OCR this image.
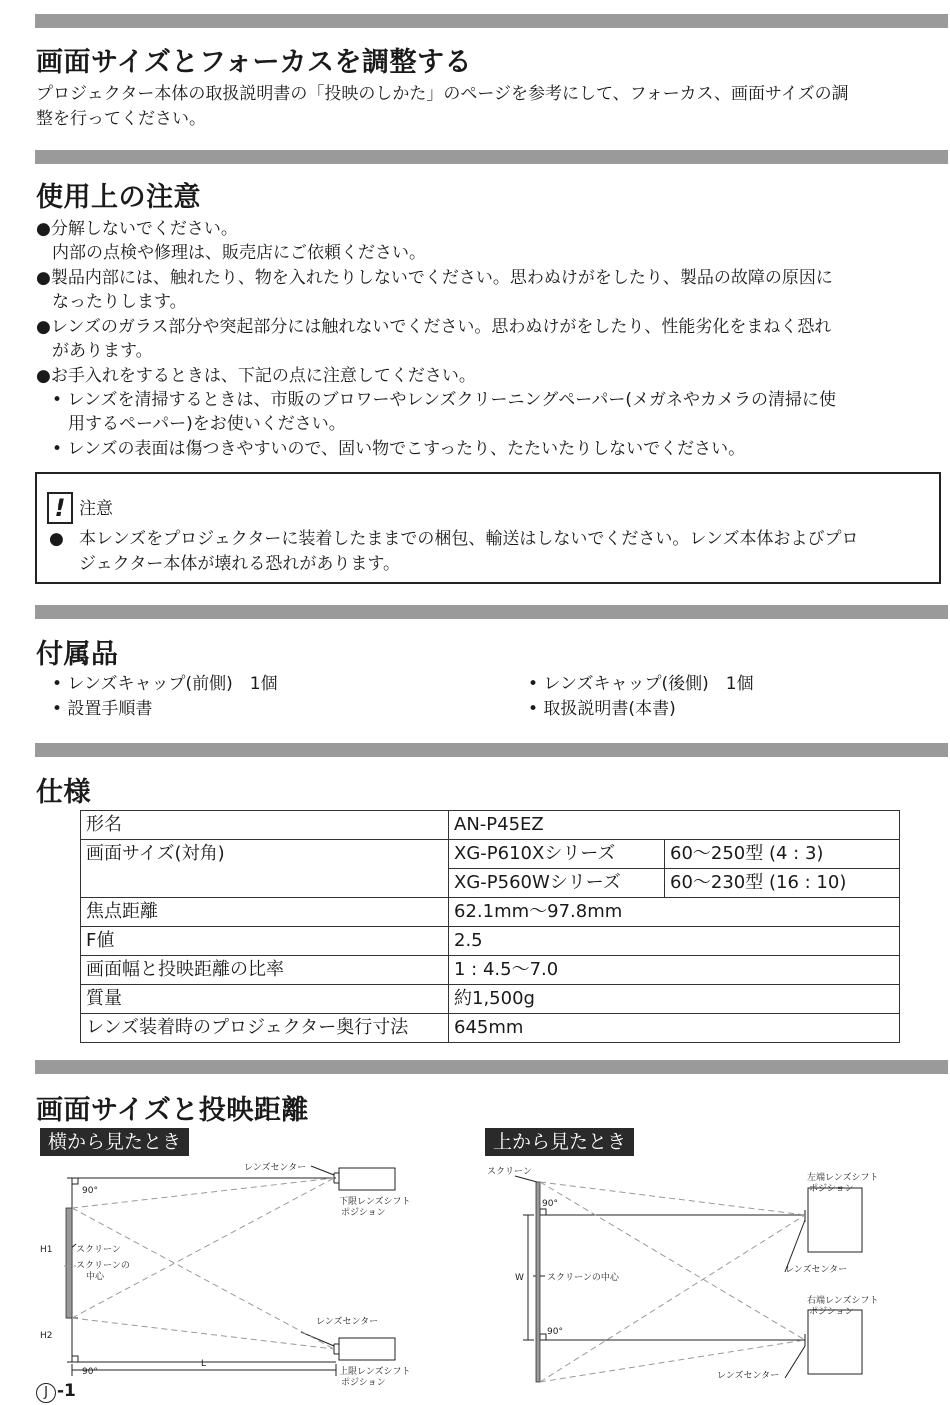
画面サイズとフォーカスを調整する
プロジェクター本体の取扱説明書の「投映のしかた」のページを参考にして、フォーカス、画面サイズの調
整を行ってください。
使用上の注意
●分解しないでください。
内部の点検や修理は、販売店にご依頼ください。
●製品内部には、触れたり、物を入れたりしないでください。思わぬけがをしたり、製品の故障の原因に
なったりします。
●レンズのガラス部分や突起部分には触れないでください。思わぬけがをしたり、性能劣化をまねく恐れ
があります。
●お手入れをするときは、下記の点に注意してください。
• レンズを清掃するときは、市販のブロワーやレンズクリーニングペーパー(メガネやカメラの清掃に使
用するペーパー)をお使いください。
• レンズの表面は傷つきやすいので、固い物でこすったり、たたいたりしないでください。
! 注意
● 本レンズをプロジェクターに装着したままでの梱包、輸送はしないでください。レンズ本体およびプロ
ジェクター本体が壊れる恐れがあります。
付属品
• レンズキャップ(前側)　1個	• レンズキャップ(後側)　1個
• 設置手順書	• 取扱説明書(本書)
仕様
形名	AN-P45EZ	
画面サイズ(対角)	XG-P610Xシリーズ	60〜250型 (4 : 3)
	XG-P560Wシリーズ	60〜230型 (16 : 10)
焦点距離	62.1mm〜97.8mm	
F値	2.5	
画面幅と投映距離の比率	1 : 4.5〜7.0	
質量	約1,500g	
レンズ装着時のプロジェクター奥行寸法	645mm	
画面サイズと投映距離
横から見たとき	上から見たとき
レンズセンター
下限レンズシフト
ポジション
90°
H1
H2
スクリーン
スクリーンの
中心
レンズセンター
90°
L
上限レンズシフト
ポジション
スクリーン
90°
左端レンズシフト
ポジション
レンズセンター
W	スクリーンの中心
右端レンズシフト
ポジション
90°
レンズセンター
J -1
